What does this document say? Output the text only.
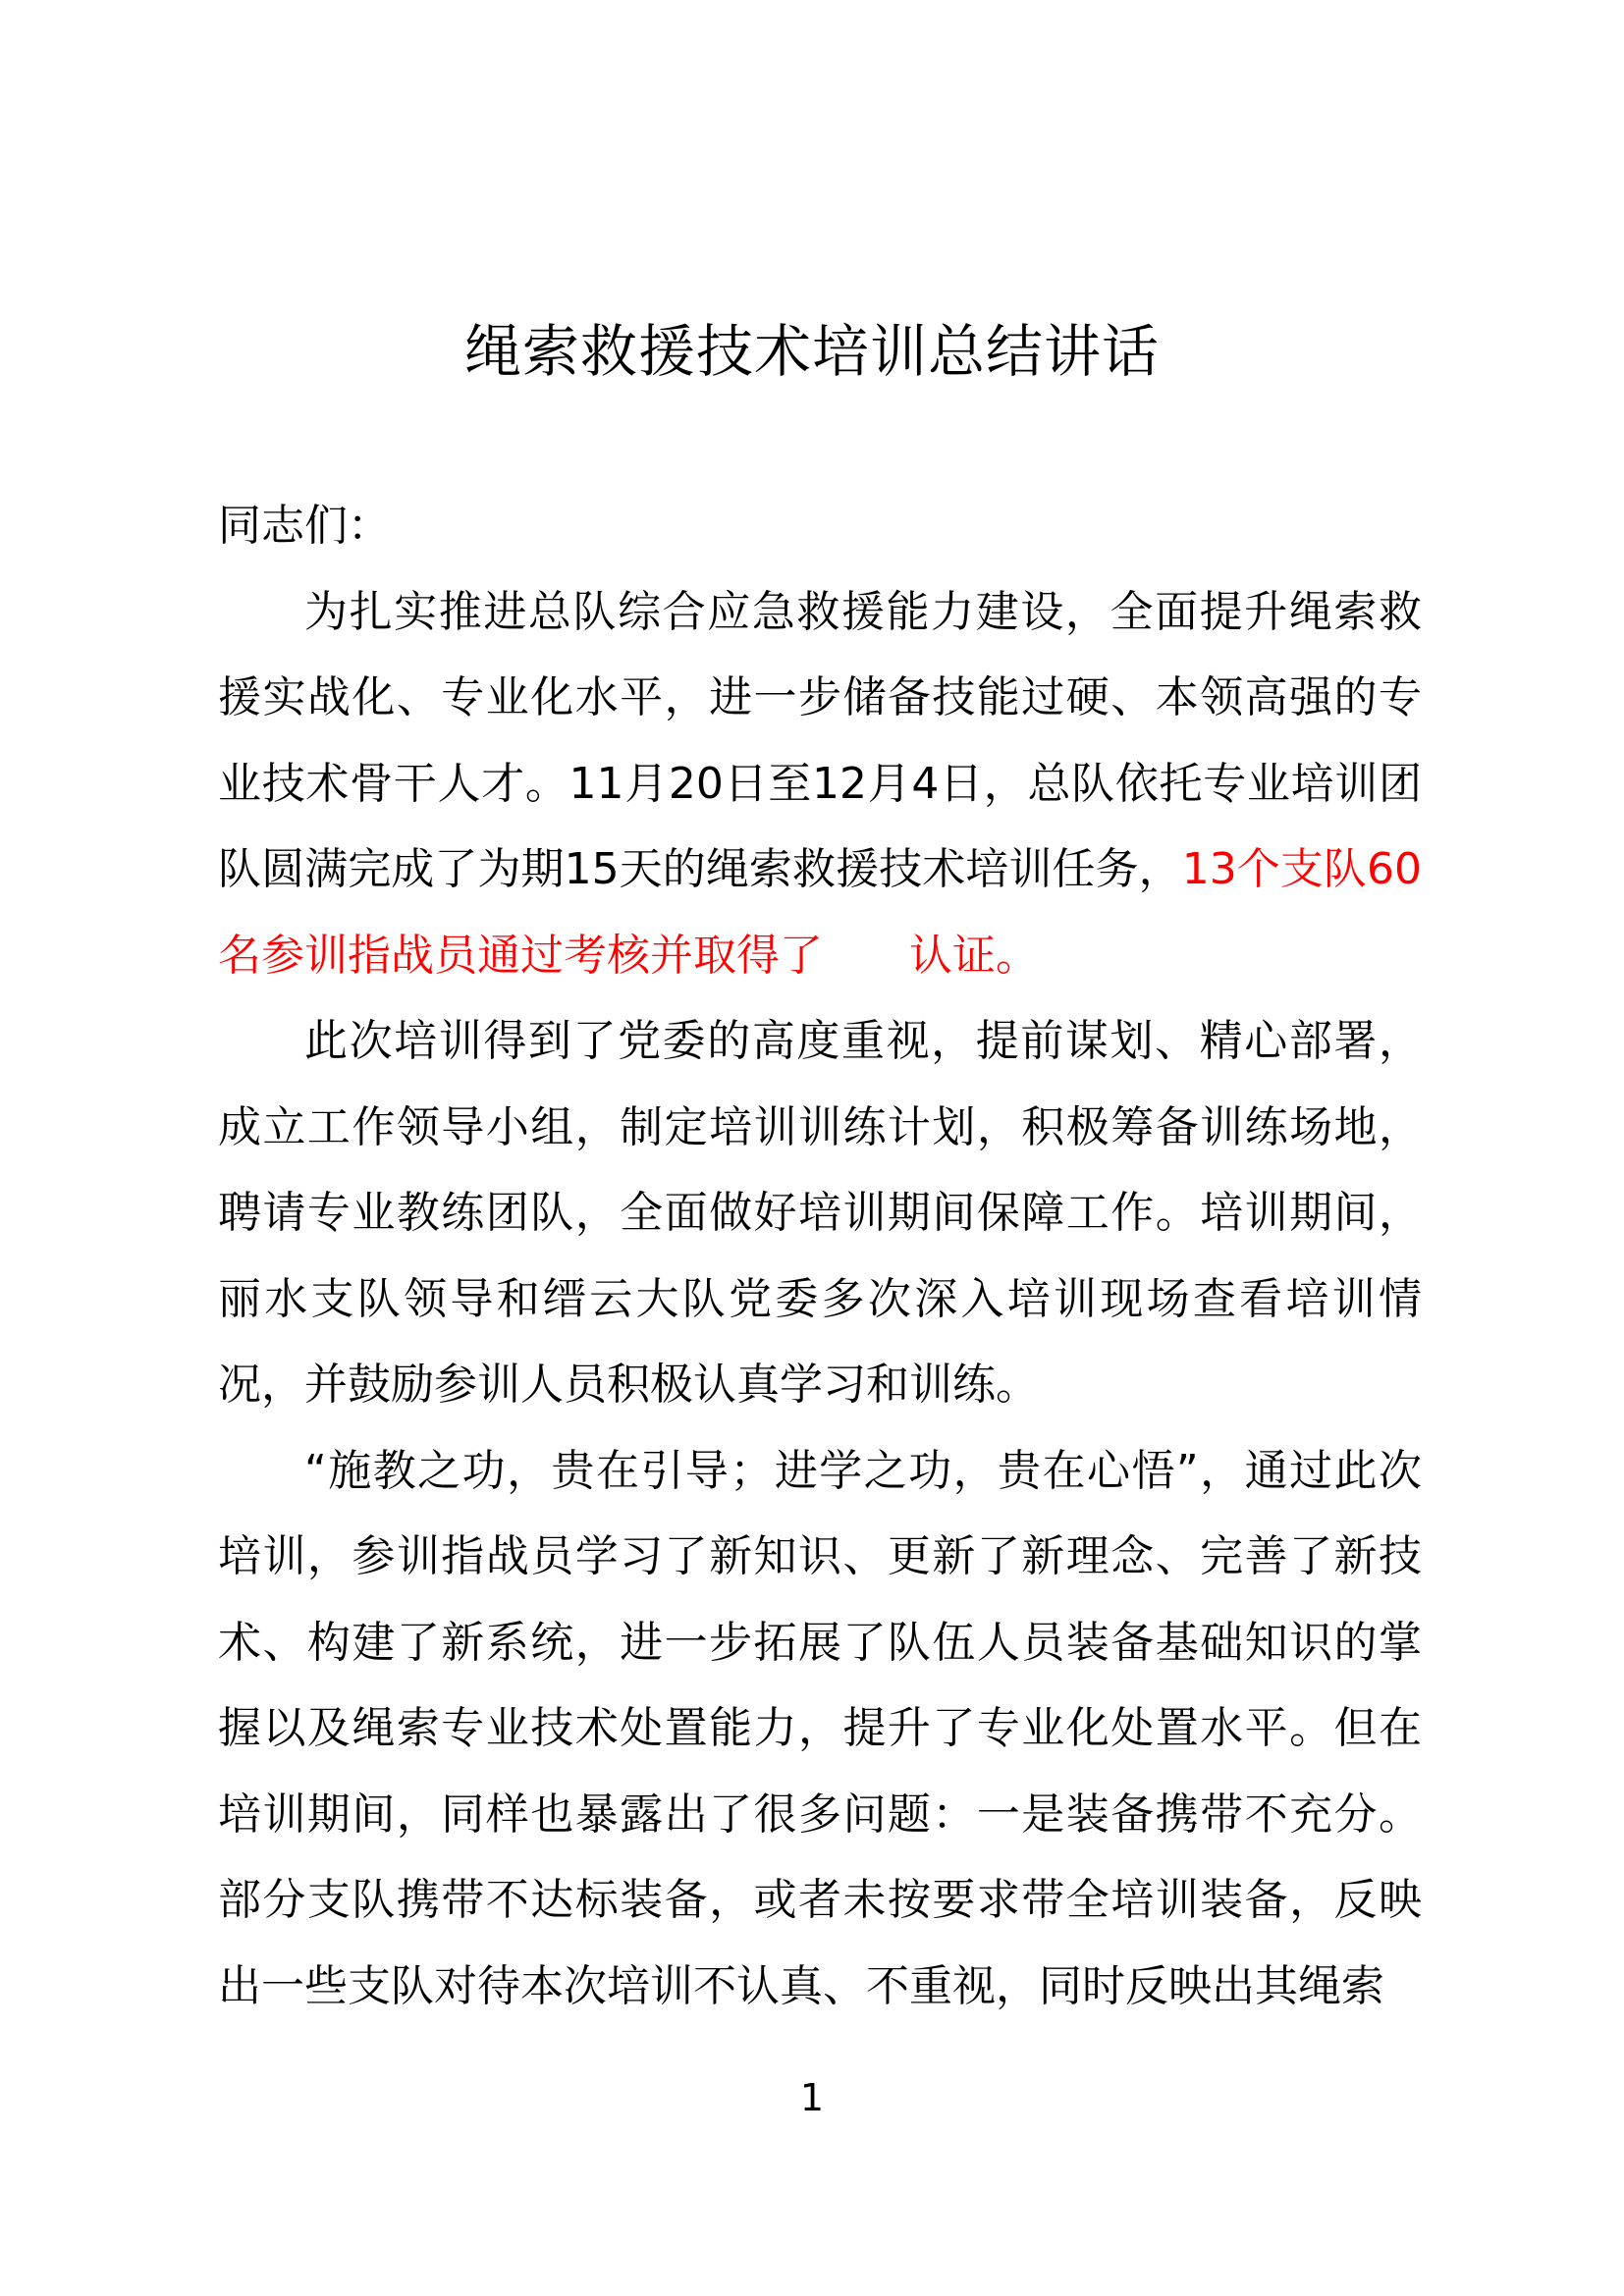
绳索救援技术培训总结讲话

同志们：

为扎实推进总队综合应急救援能力建设，全面提升绳索救援实战化、专业化水平，进一步储备技能过硬、本领高强的专业技术骨干人才。11月20日至12月4日，总队依托专业培训团队圆满完成了为期15天的绳索救援技术培训任务，13个支队60名参训指战员通过考核并取得了 认证。

此次培训得到了党委的高度重视，提前谋划、精心部署，成立工作领导小组，制定培训训练计划，积极筹备训练场地，聘请专业教练团队，全面做好培训期间保障工作。培训期间，丽水支队领导和缙云大队党委多次深入培训现场查看培训情况，并鼓励参训人员积极认真学习和训练。

“施教之功，贵在引导；进学之功，贵在心悟”，通过此次培训，参训指战员学习了新知识、更新了新理念、完善了新技术、构建了新系统，进一步拓展了队伍人员装备基础知识的掌握以及绳索专业技术处置能力，提升了专业化处置水平。但在培训期间，同样也暴露出了很多问题：一是装备携带不充分。部分支队携带不达标装备，或者未按要求带全培训装备，反映出一些支队对待本次培训不认真、不重视，同时反映出其绳索

1
